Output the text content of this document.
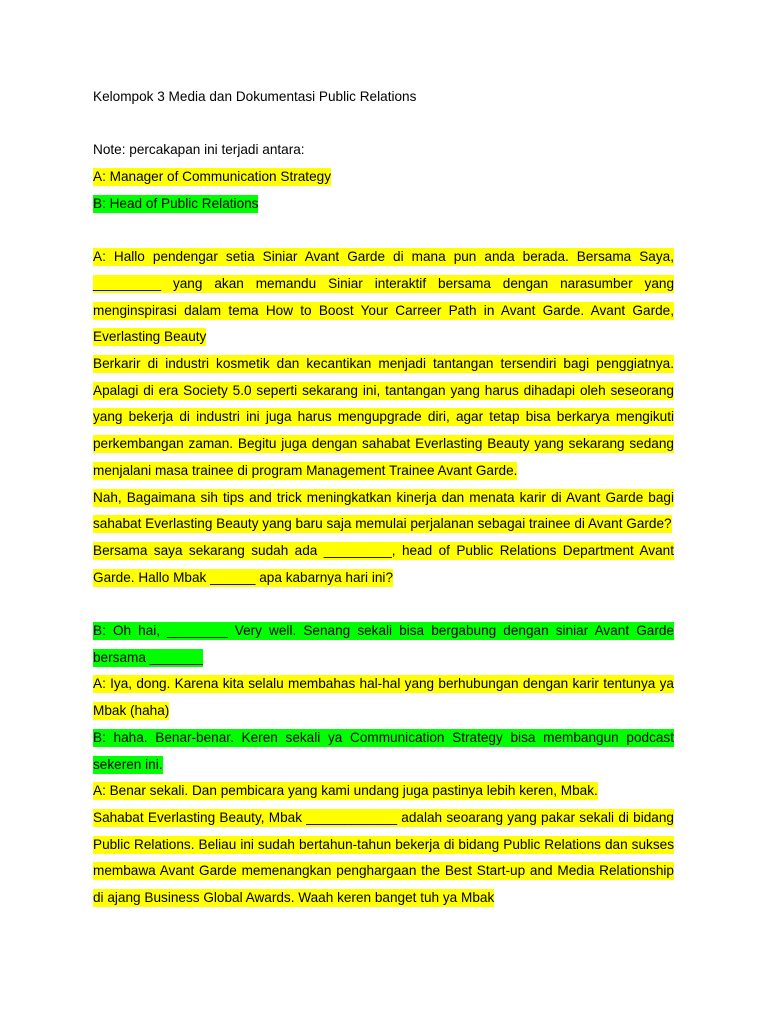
Kelompok 3 Media dan Dokumentasi Public Relations
Note: percakapan ini terjadi antara:
A: Manager of Communication Strategy
B: Head of Public Relations
A: Hallo pendengar setia Siniar Avant Garde di mana pun anda berada. Bersama Saya, _________ yang akan memandu Siniar interaktif bersama dengan narasumber yang menginspirasi dalam tema How to Boost Your Carreer Path in Avant Garde. Avant Garde, Everlasting Beauty
Berkarir di industri kosmetik dan kecantikan menjadi tantangan tersendiri bagi penggiatnya. Apalagi di era Society 5.0 seperti sekarang ini, tantangan yang harus dihadapi oleh seseorang yang bekerja di industri ini juga harus mengupgrade diri, agar tetap bisa berkarya mengikuti perkembangan zaman. Begitu juga dengan sahabat Everlasting Beauty yang sekarang sedang menjalani masa trainee di program Management Trainee Avant Garde.
Nah, Bagaimana sih tips and trick meningkatkan kinerja dan menata karir di Avant Garde bagi sahabat Everlasting Beauty yang baru saja memulai perjalanan sebagai trainee di Avant Garde?
Bersama saya sekarang sudah ada _________, head of Public Relations Department Avant Garde. Hallo Mbak ______ apa kabarnya hari ini?
B: Oh hai, ________ Very well. Senang sekali bisa bergabung dengan siniar Avant Garde bersama _______
A: Iya, dong. Karena kita selalu membahas hal-hal yang berhubungan dengan karir tentunya ya Mbak (haha)
B: haha. Benar-benar. Keren sekali ya Communication Strategy bisa membangun podcast sekeren ini.
A: Benar sekali. Dan pembicara yang kami undang juga pastinya lebih keren, Mbak.
Sahabat Everlasting Beauty, Mbak ____________ adalah seoarang yang pakar sekali di bidang Public Relations. Beliau ini sudah bertahun-tahun bekerja di bidang Public Relations dan sukses membawa Avant Garde memenangkan penghargaan the Best Start-up and Media Relationship di ajang Business Global Awards. Waah keren banget tuh ya Mbak
